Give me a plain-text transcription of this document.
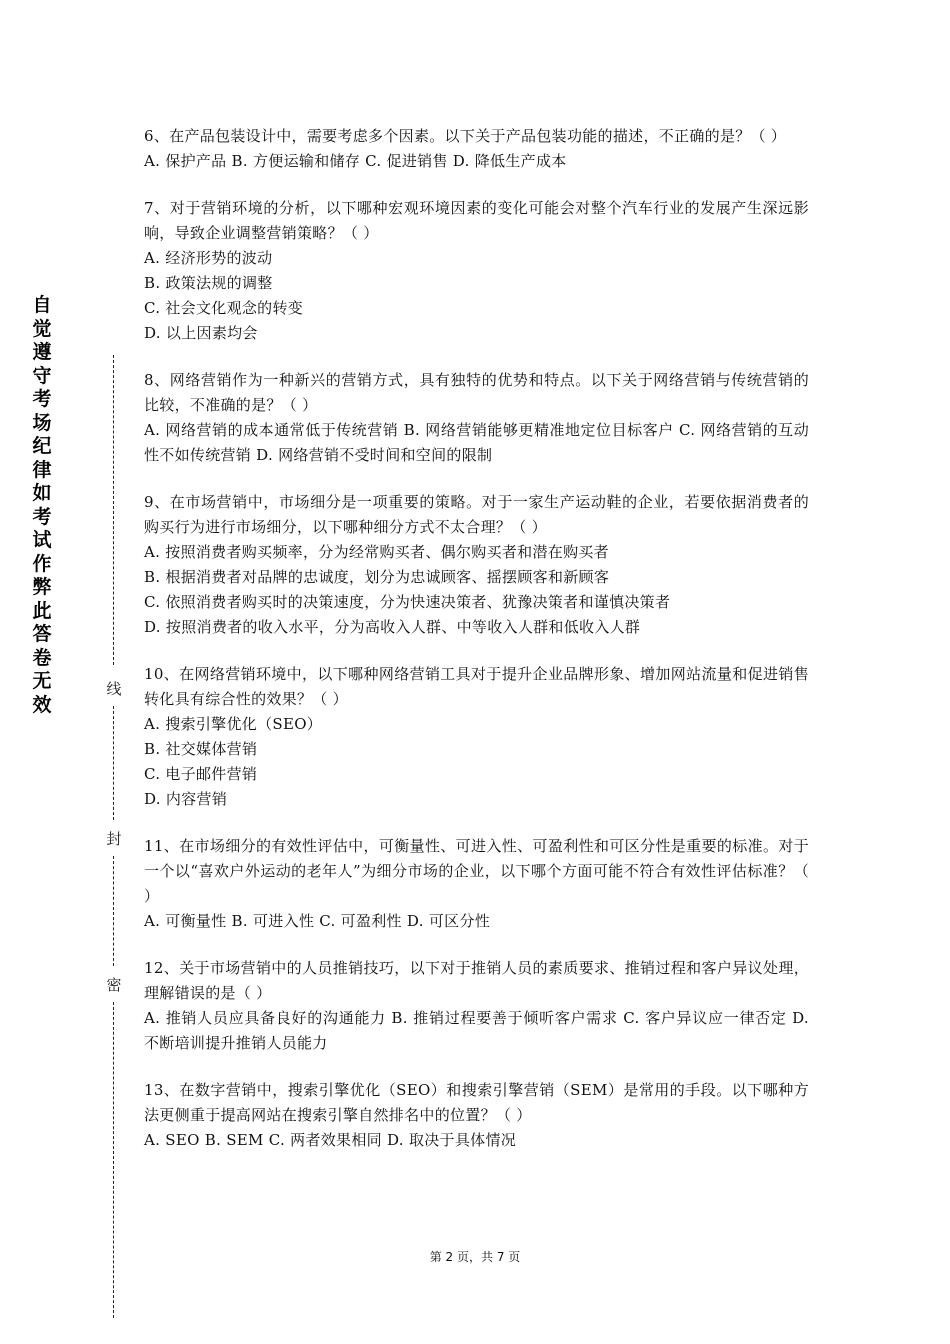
自觉遵守考场纪律如考试作弊此答卷无效
线
封
密
6、在产品包装设计中，需要考虑多个因素。以下关于产品包装功能的描述，不正确的是？（ ）
A. 保护产品 B. 方便运输和储存 C. 促进销售 D. 降低生产成本
7、对于营销环境的分析，以下哪种宏观环境因素的变化可能会对整个汽车行业的发展产生深远影响，导致企业调整营销策略？（ ）
A. 经济形势的波动
B. 政策法规的调整
C. 社会文化观念的转变
D. 以上因素均会
8、网络营销作为一种新兴的营销方式，具有独特的优势和特点。以下关于网络营销与传统营销的比较，不准确的是？（ ）
A. 网络营销的成本通常低于传统营销 B. 网络营销能够更精准地定位目标客户 C. 网络营销的互动性不如传统营销 D. 网络营销不受时间和空间的限制
9、在市场营销中，市场细分是一项重要的策略。对于一家生产运动鞋的企业，若要依据消费者的购买行为进行市场细分，以下哪种细分方式不太合理？（ ）
A. 按照消费者购买频率，分为经常购买者、偶尔购买者和潜在购买者
B. 根据消费者对品牌的忠诚度，划分为忠诚顾客、摇摆顾客和新顾客
C. 依照消费者购买时的决策速度，分为快速决策者、犹豫决策者和谨慎决策者
D. 按照消费者的收入水平，分为高收入人群、中等收入人群和低收入人群
10、在网络营销环境中，以下哪种网络营销工具对于提升企业品牌形象、增加网站流量和促进销售转化具有综合性的效果？（ ）
A. 搜索引擎优化（SEO）
B. 社交媒体营销
C. 电子邮件营销
D. 内容营销
11、在市场细分的有效性评估中，可衡量性、可进入性、可盈利性和可区分性是重要的标准。对于一个以“喜欢户外运动的老年人”为细分市场的企业，以下哪个方面可能不符合有效性评估标准？（ ）
A. 可衡量性 B. 可进入性 C. 可盈利性 D. 可区分性
12、关于市场营销中的人员推销技巧，以下对于推销人员的素质要求、推销过程和客户异议处理，理解错误的是（ ）
A. 推销人员应具备良好的沟通能力 B. 推销过程要善于倾听客户需求 C. 客户异议应一律否定 D. 不断培训提升推销人员能力
13、在数字营销中，搜索引擎优化（SEO）和搜索引擎营销（SEM）是常用的手段。以下哪种方法更侧重于提高网站在搜索引擎自然排名中的位置？（ ）
A. SEO B. SEM C. 两者效果相同 D. 取决于具体情况
第 2 页，共 7 页
